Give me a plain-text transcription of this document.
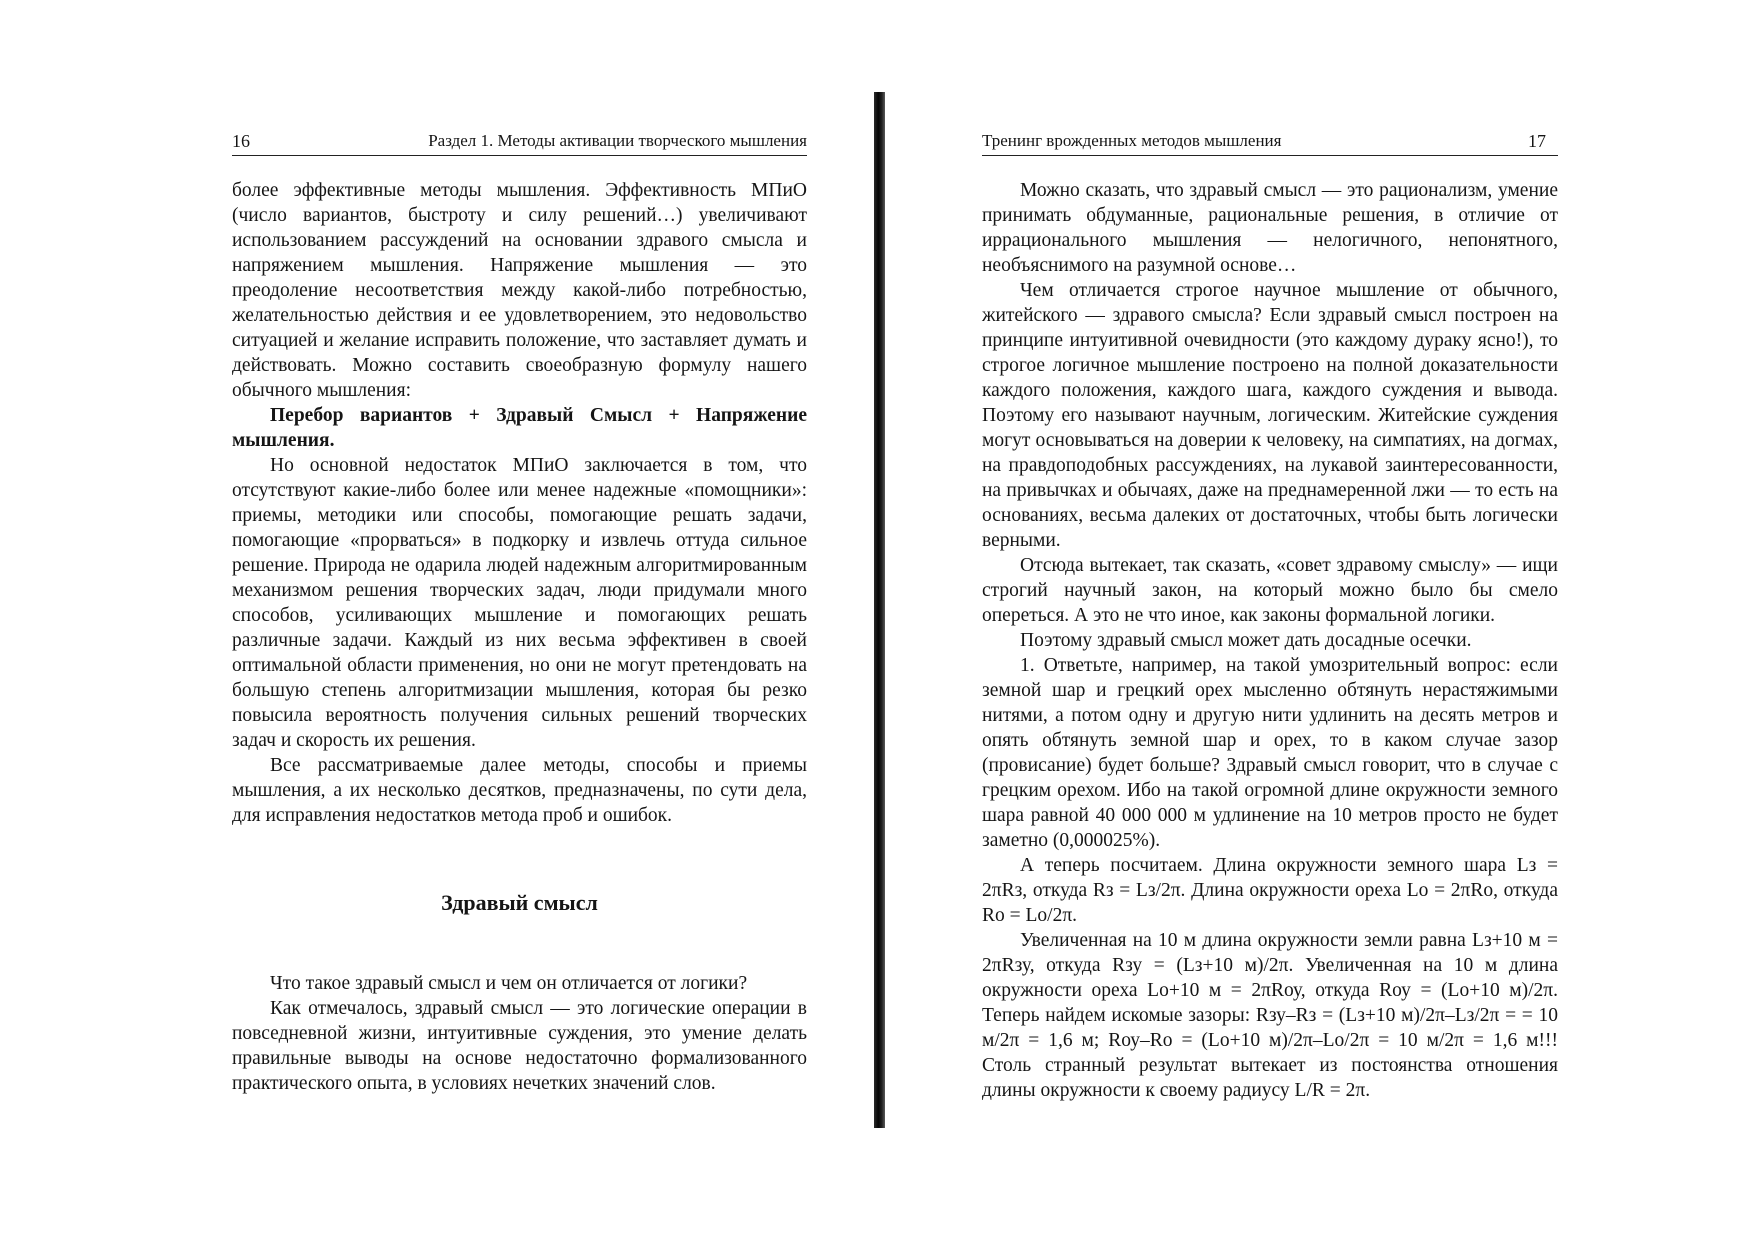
16	Раздел 1. Методы активации творческого мышления

более эффективные методы мышления. Эффективность МПиО (число вариантов, быстроту и силу решений…) увеличивают использованием рассуждений на основании здравого смысла и напряжением мышления. Напряжение мышления — это преодоление несоответствия между какой-либо потребностью, желательностью действия и ее удовлетворением, это недовольство ситуацией и желание исправить положение, что заставляет думать и действовать. Можно составить своеобразную формулу нашего обычного мышления:

Перебор вариантов + Здравый Смысл + Напряжение мышления.

Но основной недостаток МПиО заключается в том, что отсутствуют какие-либо более или менее надежные «помощники»: приемы, методики или способы, помогающие решать задачи, помогающие «прорваться» в подкорку и извлечь оттуда сильное решение. Природа не одарила людей надежным алгоритмированным механизмом решения творческих задач, люди придумали много способов, усиливающих мышление и помогающих решать различные задачи. Каждый из них весьма эффективен в своей оптимальной области применения, но они не могут претендовать на большую степень алгоритмизации мышления, которая бы резко повысила вероятность получения сильных решений творческих задач и скорость их решения.

Все рассматриваемые далее методы, способы и приемы мышления, а их несколько десятков, предназначены, по сути дела, для исправления недостатков метода проб и ошибок.

Здравый смысл

Что такое здравый смысл и чем он отличается от логики?

Как отмечалось, здравый смысл — это логические операции в повседневной жизни, интуитивные суждения, это умение делать правильные выводы на основе недостаточно формализованного практического опыта, в условиях нечетких значений слов.

Тренинг врожденных методов мышления	17

Можно сказать, что здравый смысл — это рационализм, умение принимать обдуманные, рациональные решения, в отличие от иррационального мышления — нелогичного, непонятного, необъяснимого на разумной основе…

Чем отличается строгое научное мышление от обычного, житейского — здравого смысла? Если здравый смысл построен на принципе интуитивной очевидности (это каждому дураку ясно!), то строгое логичное мышление построено на полной доказательности каждого положения, каждого шага, каждого суждения и вывода. Поэтому его называют научным, логическим. Житейские суждения могут основываться на доверии к человеку, на симпатиях, на догмах, на правдоподобных рассуждениях, на лукавой заинтересованности, на привычках и обычаях, даже на преднамеренной лжи — то есть на основаниях, весьма далеких от достаточных, чтобы быть логически верными.

Отсюда вытекает, так сказать, «совет здравому смыслу» — ищи строгий научный закон, на который можно было бы смело опереться. А это не что иное, как законы формальной логики.

Поэтому здравый смысл может дать досадные осечки.

1. Ответьте, например, на такой умозрительный вопрос: если земной шар и грецкий орех мысленно обтянуть нерастяжимыми нитями, а потом одну и другую нити удлинить на десять метров и опять обтянуть земной шар и орех, то в каком случае зазор (провисание) будет больше? Здравый смысл говорит, что в случае с грецким орехом. Ибо на такой огромной длине окружности земного шара равной 40 000 000 м удлинение на 10 метров просто не будет заметно (0,000025%).

А теперь посчитаем. Длина окружности земного шара Lз = 2πRз, откуда Rз = Lз/2π. Длина окружности ореха Lо = 2πRо, откуда Rо = Lо/2π.

Увеличенная на 10 м длина окружности земли равна Lз+10 м = 2πRзу, откуда Rзу = (Lз+10 м)/2π. Увеличенная на 10 м длина окружности ореха Lо+10 м = 2πRоу, откуда Rоу = (Lо+10 м)/2π. Теперь найдем искомые зазоры: Rзу–Rз = (Lз+10 м)/2π–Lз/2π = = 10 м/2π = 1,6 м; Rоу–Rо = (Lо+10 м)/2π–Lо/2π = 10 м/2π = 1,6 м!!! Столь странный результат вытекает из постоянства отношения длины окружности к своему радиусу L/R = 2π.
